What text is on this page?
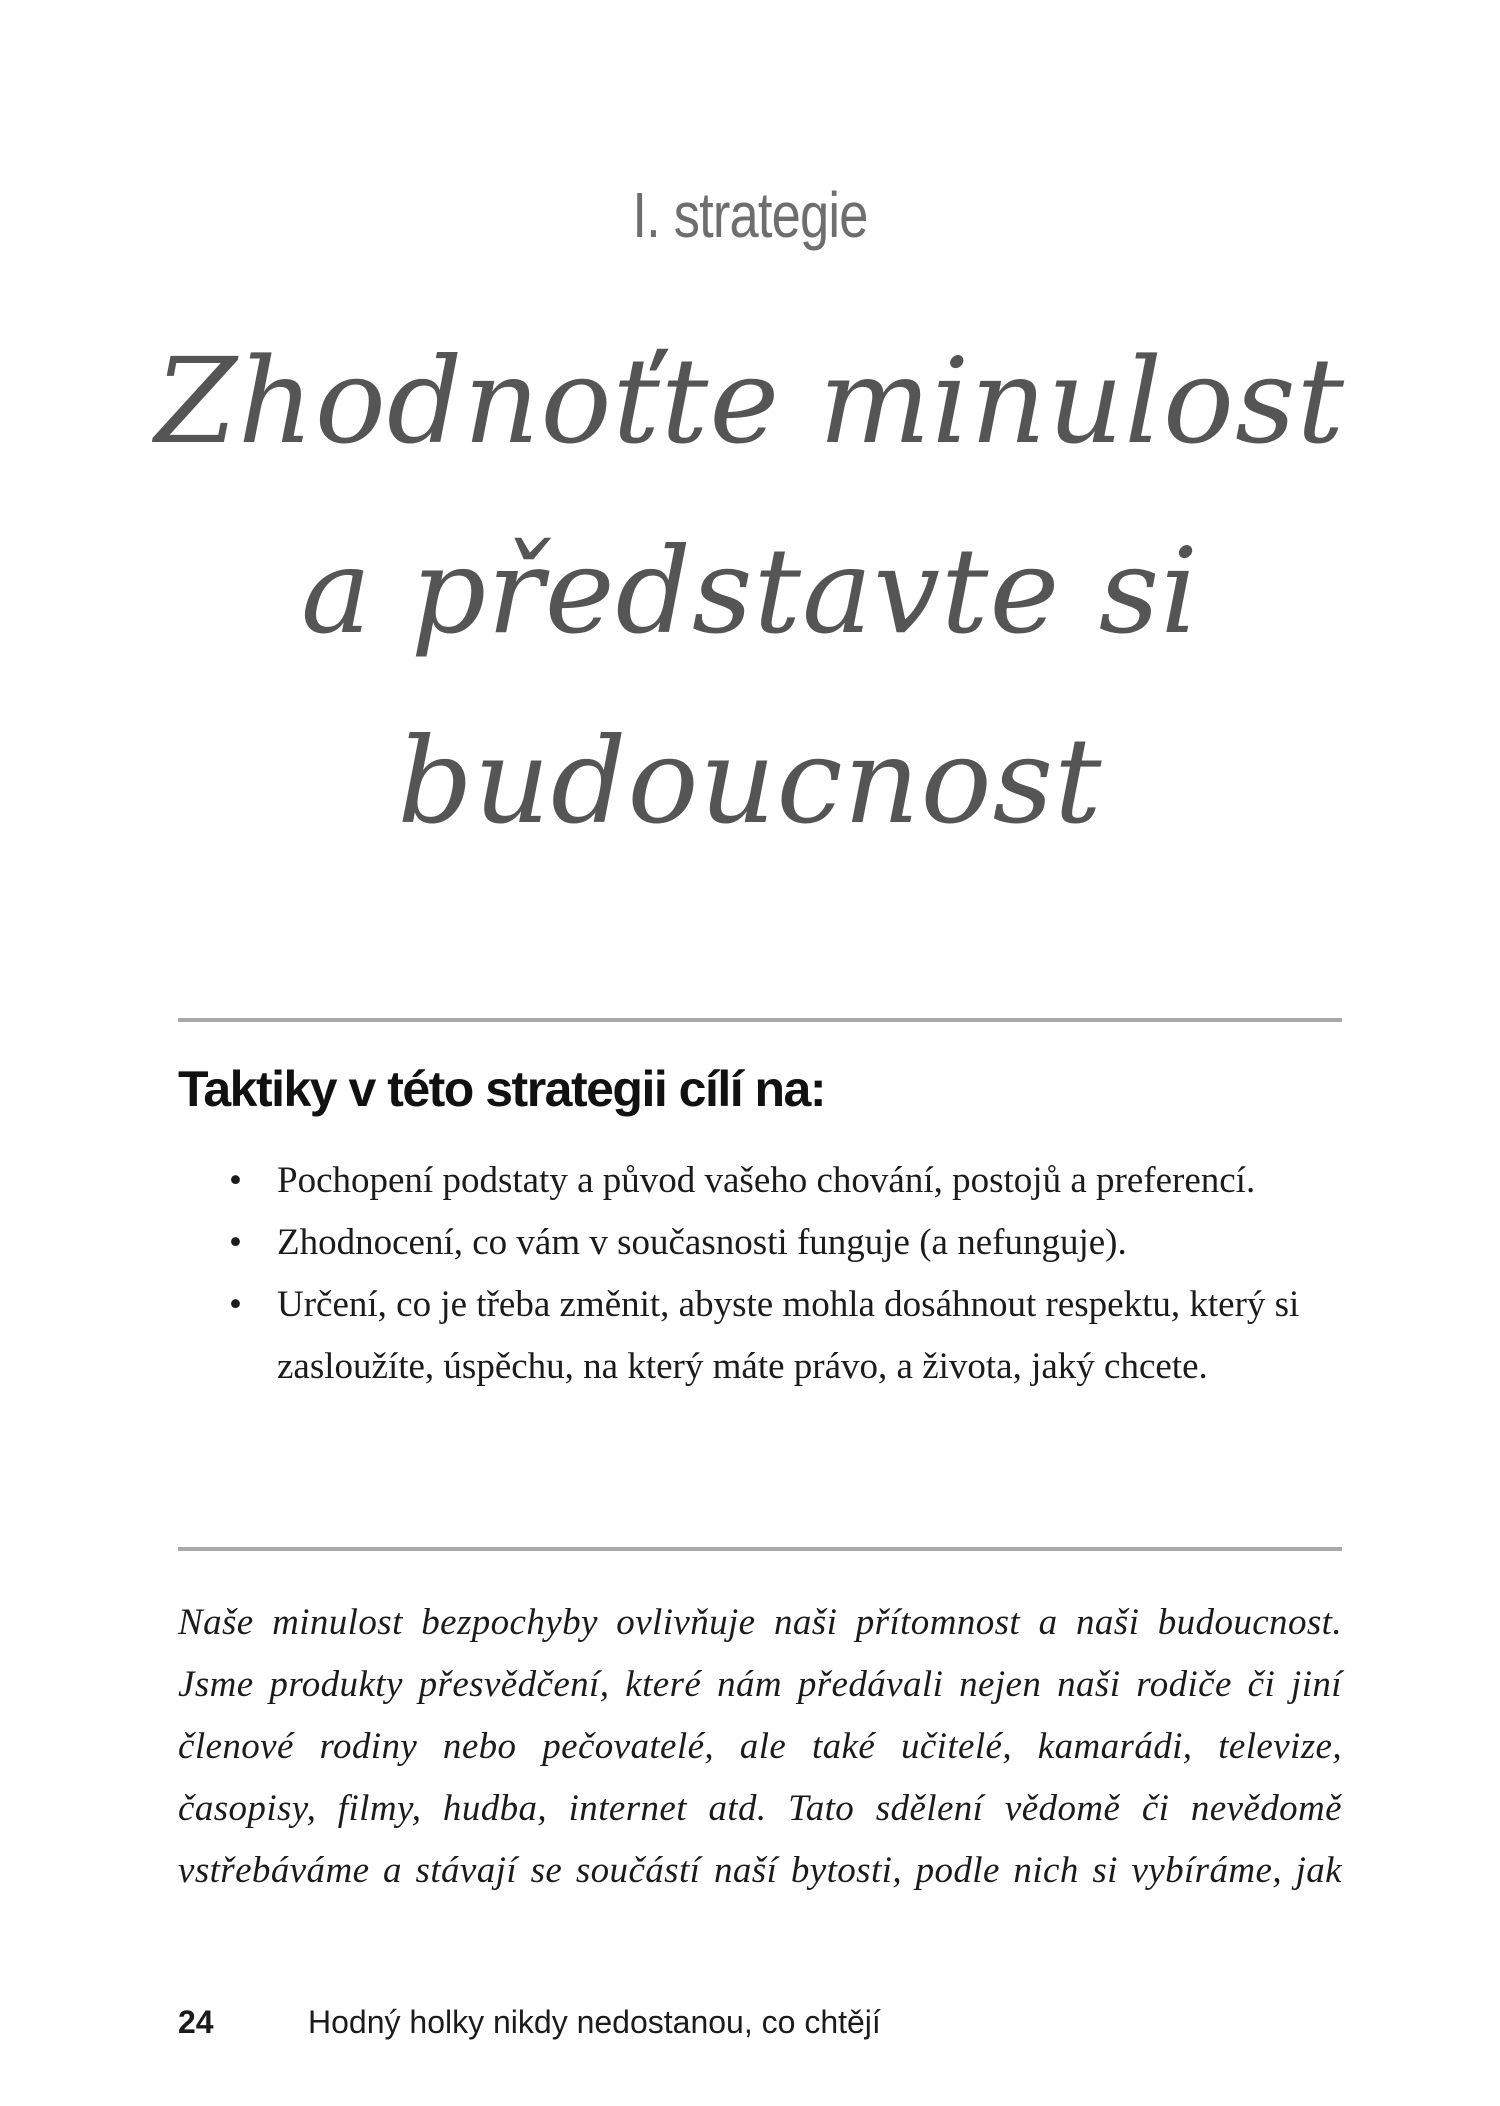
I. strategie
Zhodnoťte minulost
a představte si
budoucnost
Taktiky v této strategii cílí na:
• Pochopení podstaty a původ vašeho chování, postojů a preferencí.
• Zhodnocení, co vám v současnosti funguje (a nefunguje).
• Určení, co je třeba změnit, abyste mohla dosáhnout respektu, který si zasloužíte, úspěchu, na který máte právo, a života, jaký chcete.

Naše minulost bezpochyby ovlivňuje naši přítomnost a naši budoucnost. Jsme produkty přesvědčení, které nám předávali nejen naši rodiče či jiní členové rodiny nebo pečovatelé, ale také učitelé, kamarádi, televize, časopisy, filmy, hudba, internet atd. Tato sdělení vědomě či nevědomě vstřebáváme a stávají se součástí naší bytosti, podle nich si vybíráme, jak

24	Hodný holky nikdy nedostanou, co chtějí
